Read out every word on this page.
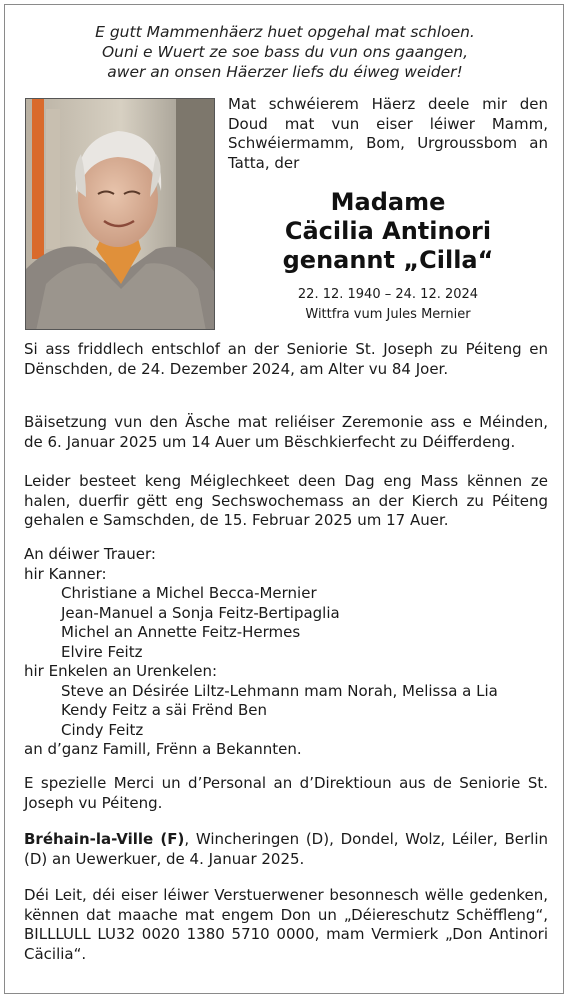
E gutt Mammenhäerz huet opgehal mat schloen.
Ouni e Wuert ze soe bass du vun ons gaangen,
awer an onsen Häerzer liefs du éiweg weider!
Mat schwéierem Häerz deele mir den Doud mat vun eiser léiwer Mamm, Schwéiermamm, Bom, Urgroussbom an Tatta, der
Madame
Cäcilia Antinori
genannt „Cilla“
22. 12. 1940 – 24. 12. 2024
Wittfra vum Jules Mernier
Si ass friddlech entschlof an der Seniorie St. Joseph zu Péiteng en Dënschden, de 24. Dezember 2024, am Alter vu 84 Joer.
Bäisetzung vun den Äsche mat reliéiser Zeremonie ass e Méinden, de 6. Januar 2025 um 14 Auer um Bëschkierfecht zu Déifferdeng.
Leider besteet keng Méiglechkeet deen Dag eng Mass kënnen ze halen, duerfir gëtt eng Sechswochemass an der Kierch zu Péiteng gehalen e Samschden, de 15. Februar 2025 um 17 Auer.
An déiwer Trauer:
hir Kanner:
Christiane a Michel Becca-Mernier
Jean-Manuel a Sonja Feitz-Bertipaglia
Michel an Annette Feitz-Hermes
Elvire Feitz
hir Enkelen an Urenkelen:
Steve an Désirée Liltz-Lehmann mam Norah, Melissa a Lia
Kendy Feitz a säi Frënd Ben
Cindy Feitz
an d’ganz Famill, Frënn a Bekannten.
E spezielle Merci un d’Personal an d’Direktioun aus de Seniorie St. Joseph vu Péiteng.
Bréhain-la-Ville (F), Wincheringen (D), Dondel, Wolz, Léiler, Berlin (D) an Uewerkuer, de 4. Januar 2025.
Déi Leit, déi eiser léiwer Verstuerwener besonnesch wëlle gedenken, kënnen dat maache mat engem Don un „Déiereschutz Schëffleng“, BILLLULL LU32 0020 1380 5710 0000, mam Vermierk „Don Antinori Cäcilia“.
